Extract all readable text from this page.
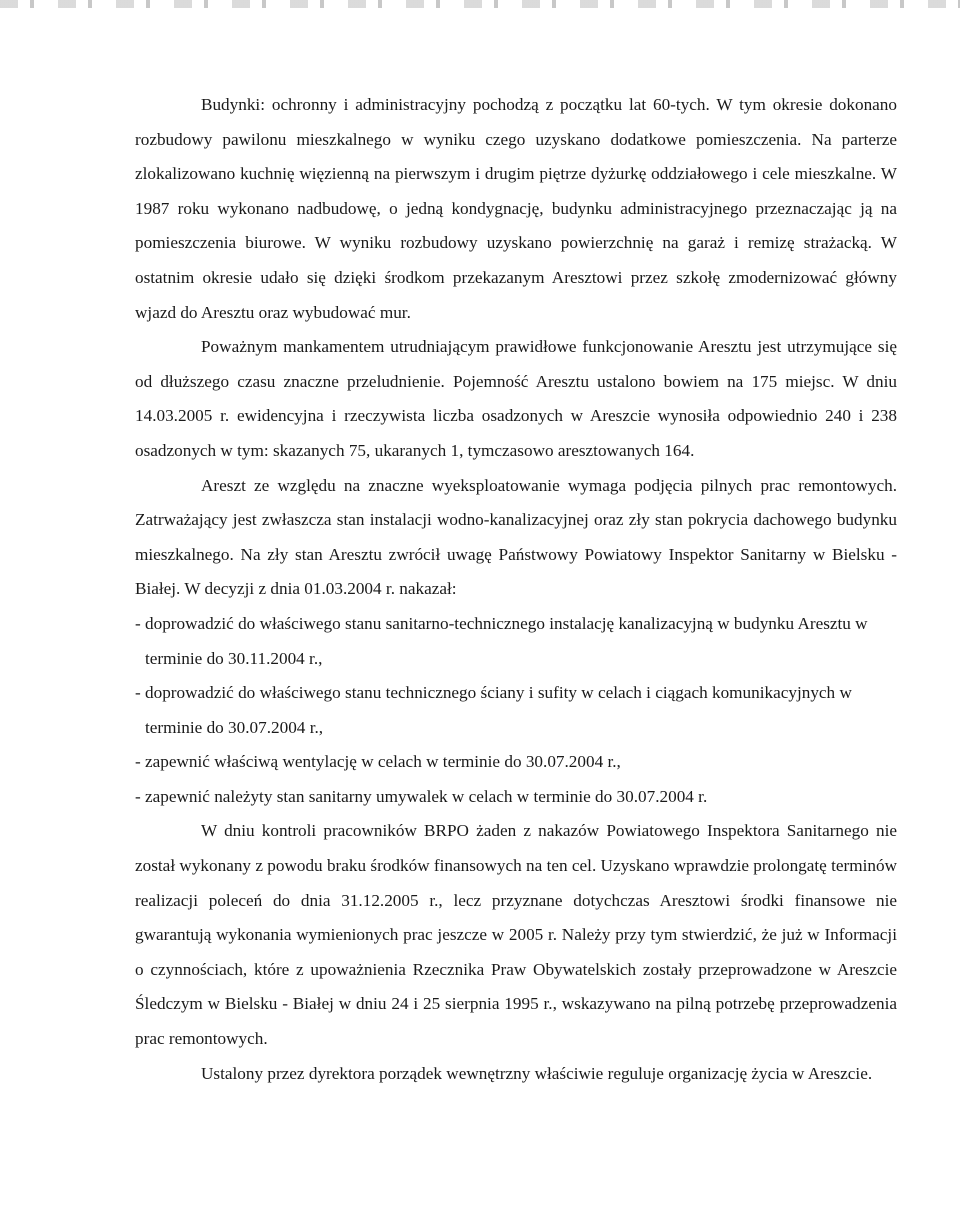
Budynki: ochronny i administracyjny pochodzą z początku lat 60-tych. W tym okresie dokonano rozbudowy pawilonu mieszkalnego w wyniku czego uzyskano dodatkowe pomieszczenia. Na parterze zlokalizowano kuchnię więzienną na pierwszym i drugim piętrze dyżurkę oddziałowego i cele mieszkalne. W 1987 roku wykonano nadbudowę, o jedną kondygnację, budynku administracyjnego przeznaczając ją na pomieszczenia biurowe. W wyniku rozbudowy uzyskano powierzchnię na garaż i remizę strażacką. W ostatnim okresie udało się dzięki środkom przekazanym Aresztowi przez szkołę zmodernizować główny wjazd do Aresztu oraz wybudować mur.

Poważnym mankamentem utrudniającym prawidłowe funkcjonowanie Aresztu jest utrzymujące się od dłuższego czasu znaczne przeludnienie. Pojemność Aresztu ustalono bowiem na 175 miejsc. W dniu 14.03.2005 r. ewidencyjna i rzeczywista liczba osadzonych w Areszcie wynosiła odpowiednio 240 i 238 osadzonych w tym: skazanych 75, ukaranych 1, tymczasowo aresztowanych 164.

Areszt ze względu na znaczne wyeksploatowanie wymaga podjęcia pilnych prac remontowych. Zatrważający jest zwłaszcza stan instalacji wodno-kanalizacyjnej oraz zły stan pokrycia dachowego budynku mieszkalnego. Na zły stan Aresztu zwrócił uwagę Państwowy Powiatowy Inspektor Sanitarny w Bielsku - Białej. W decyzji z dnia 01.03.2004 r. nakazał:

- doprowadzić do właściwego stanu sanitarno-technicznego instalację kanalizacyjną w budynku Aresztu w terminie do 30.11.2004 r.,
- doprowadzić do właściwego stanu technicznego ściany i sufity w celach i ciągach komunikacyjnych w terminie do 30.07.2004 r.,
- zapewnić właściwą wentylację w celach w terminie do 30.07.2004 r.,
- zapewnić należyty stan sanitarny umywalek w celach w terminie do 30.07.2004 r.

W dniu kontroli pracowników BRPO żaden z nakazów Powiatowego Inspektora Sanitarnego nie został wykonany z powodu braku środków finansowych na ten cel. Uzyskano wprawdzie prolongatę terminów realizacji poleceń do dnia 31.12.2005 r., lecz przyznane dotychczas Aresztowi środki finansowe nie gwarantują wykonania wymienionych prac jeszcze w 2005 r. Należy przy tym stwierdzić, że już w Informacji o czynnościach, które z upoważnienia Rzecznika Praw Obywatelskich zostały przeprowadzone w Areszcie Śledczym w Bielsku - Białej w dniu 24 i 25 sierpnia 1995 r., wskazywano na pilną potrzebę przeprowadzenia prac remontowych.

Ustalony przez dyrektora porządek wewnętrzny właściwie reguluje organizację życia w Areszcie.
